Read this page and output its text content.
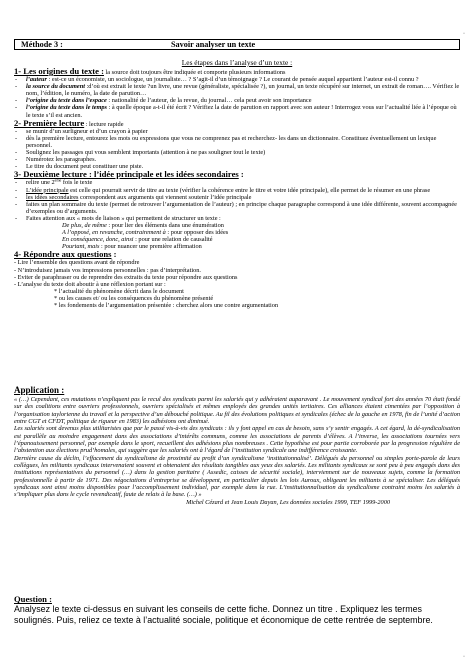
·
·
Méthode 3 :	Savoir analyser un texte
Les étapes dans l’analyse d’un texte :
1- Les origines du texte : la source doit toujours être indiquée et comporte plusieurs informations
- l’auteur : est-ce un économiste, un sociologue, un journaliste… ? S’agit-il d’un témoignage ? Le courant de pensée auquel appartient l’auteur est-il connu ?
- la source du document :d’où est extrait le texte ?un livre, une revue (généraliste, spécialisée ?), un journal, un texte récupéré sur internet, un extrait de roman…. Vérifiez le nom, l’édition, le numéro, la date de parution…
- l’origine du texte dans l’espace : nationalité de l’auteur, de la revue, du journal… cela peut avoir son importance
- l’origine du texte dans le temps : à quelle époque a-t-il été écrit ? Vérifiez la date de parution en rapport avec son auteur ! Interrogez vous sur l’actualité liée à l’époque où le texte s’il est ancien.
2- Première lecture : lecture rapide
- se munir d’un surligneur et d’un crayon à papier
- dès la première lecture, entourez les mots ou expressions que vous ne comprenez pas et recherchez- les dans un dictionnaire. Constituez éventuellement un lexique personnel.
- Soulignez les passages qui vous semblent importants (attention à ne pas souligner tout le texte)
- Numérotez les paragraphes.
- Le titre du document peut constituer une piste.
3- Deuxième lecture : l’idée principale et les idées secondaires :
- relire une 2ème fois le texte
- L’idée principale est celle qui pourrait servir de titre au texte (vérifier la cohérence entre le titre et votre idée principale), elle permet de le résumer en une phrase
- les idées secondaires correspondent aux arguments qui viennent soutenir l’idée principale
- faites un plan sommaire du texte (permet de retrouver l’argumentation de l’auteur) ; en principe chaque paragraphe correspond à une idée différente, souvent accompagnée d’exemples ou d’arguments.
- Faites attention aux « mots de liaison » qui permettent de structurer un texte :
De plus, de même : pour lier des éléments dans une énumération
A l’opposé, en revanche, contrairement à : pour opposer des idées
En conséquence, donc, ainsi : pour une relation de causalité
Pourtant, mais : pour nuancer une première affirmation
4- Répondre aux questions :
- Lire l’ensemble des questions avant de répondre
- N’introduisez jamais vos impressions personnelles : pas d’interprétation.
- Eviter de paraphraser ou de reprendre des extraits du texte pour répondre aux questions
- L’analyse du texte doit aboutir à une réflexion portant sur :
* l’actualité du phénomène décrit dans le document
* ou les causes et/ ou les conséquences du phénomène présenté
* les fondements de l’argumentation présentée : cherchez alors une contre argumentation
Application :
« (…) Cependant, ces mutations n’expliquent pas le recul des syndicats parmi les salariés qui y adhéraient auparavant . Le mouvement syndical fort des années 70 était fondé sur des coalitions entre ouvriers professionnels, ouvriers spécialisés et mêmes employés des grandes unités tertiaires. Ces alliances étaient cimentées par l’opposition à l’organisation taylorienne du travail et la perspective d’un débouché politique. Au fil des évolutions politiques et syndicales (échec de la gauche en 1978, fin de l’unité d’action entre CGT et CFDT, politique de rigueur en 1983) les adhésions ont diminué.
Les salariés sont devenus plus utilitaristes que par le passé vis-à-vis des syndicats : ils y font appel en cas de besoin, sans s’y sentir engagés. A cet égard, la dé-syndicalisation est parallèle au moindre engagement dans des associations d’intérêts communs, comme les associations de parents d’élèves. A l’inverse, les associations tournées vers l’épanouissement personnel, par exemple dans le sport, recueillent des adhésions plus nombreuses . Cette hypothèse est pour partie corroborée par la progression régulière de l’abstention aux élections prud’homales, qui suggère que les salariés ont à l’égard de l’institution syndicale une indifférence croissante.
Dernière cause du déclin, l’effacement du syndicalisme de proximité au profit d’un syndicalisme ‘institutionnalisé’. Délégués du personnel ou simples porte-parole de leurs collègues, les militants syndicaux intervenaient souvent et obtenaient des résultats tangibles aux yeux des salariés. Les militants syndicaux se sont peu à peu engagés dans des institutions représentatives du personnel (…) dans la gestion paritaire ( Assedic, caisses de sécurité sociale), interviennent sur de nouveaux sujets, comme la formation professionnelle à partir de 1971. Des négociations d’entreprise se développent, en particulier depuis les lois Auroux, obligeant les militants à se spécialiser. Les délégués syndicaux sont ainsi moins disponibles pour l’accomplissement individuel, par exemple dans la rue. L’institutionnalisation du syndicalisme contraint moins les salariés à s’impliquer plus dans le cycle revendicatif, faute de relais à la base. (…) »
Michel Cézard et Jean Louis Dayan, Les données sociales 1999, TEF 1999-2000
Question :
Analysez le texte ci-dessus en suivant les conseils de cette fiche. Donnez un titre . Expliquez les termes soulignés. Puis, reliez ce texte à l’actualité sociale, politique et économique de cette rentrée de septembre.
